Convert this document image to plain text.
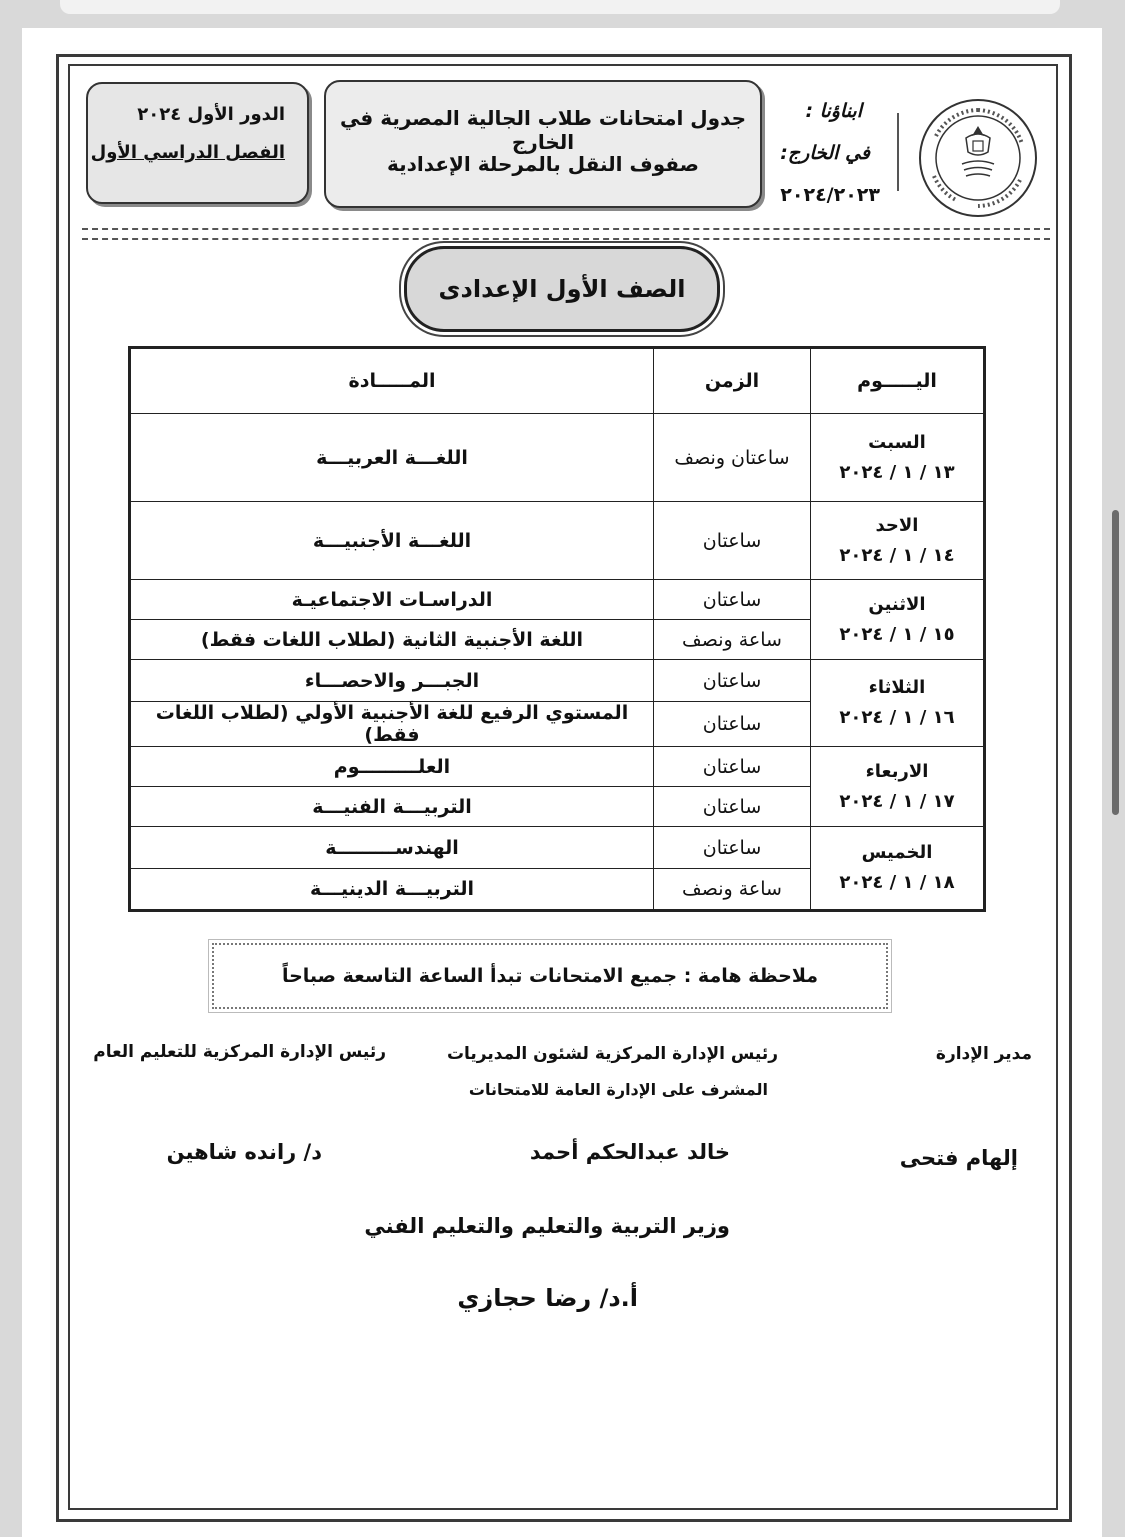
الدور الأول ٢٠٢٤
الفصل الدراسي الأول
جدول امتحانات طلاب الجالية المصرية في الخارج
صفوف النقل بالمرحلة الإعدادية
ابناؤنا :
في الخارج:
٢٠٢٤/٢٠٢٣
الصف الأول الإعدادى
اليـــــوم	الزمن	المـــــادة

السبت
١٣ / ١ / ٢٠٢٤	ساعتان ونصف	اللغـــة العربيـــة

الاحد
١٤ / ١ / ٢٠٢٤	ساعتان	اللغـــة الأجنبيـــة

الاثنين
١٥ / ١ / ٢٠٢٤	ساعتان	الدراسـات الاجتماعيـة
	ساعة ونصف	اللغة الأجنبية الثانية (لطلاب اللغات فقط)

الثلاثاء
١٦ / ١ / ٢٠٢٤	ساعتان	الجبـــر والاحصـــاء
	ساعتان	المستوي الرفيع للغة الأجنبية الأولي (لطلاب اللغات فقط)

الاربعاء
١٧ / ١ / ٢٠٢٤	ساعتان	العلـــــــــوم
	ساعتان	التربيـــة الفنيـــة

الخميس
١٨ / ١ / ٢٠٢٤	ساعتان	الهندســـــــــة
	ساعة ونصف	التربيـــة الدينيـــة
ملاحظة هامة : جميع الامتحانات تبدأ الساعة التاسعة صباحاً
مدير الإدارة
إلهام فتحى
رئيس الإدارة المركزية لشئون المديريات
المشرف على الإدارة العامة للامتحانات
خالد عبدالحكم أحمد
رئيس الإدارة المركزية للتعليم العام
د/ رانده شاهين
وزير التربية والتعليم والتعليم الفني
أ.د/ رضا حجازي
